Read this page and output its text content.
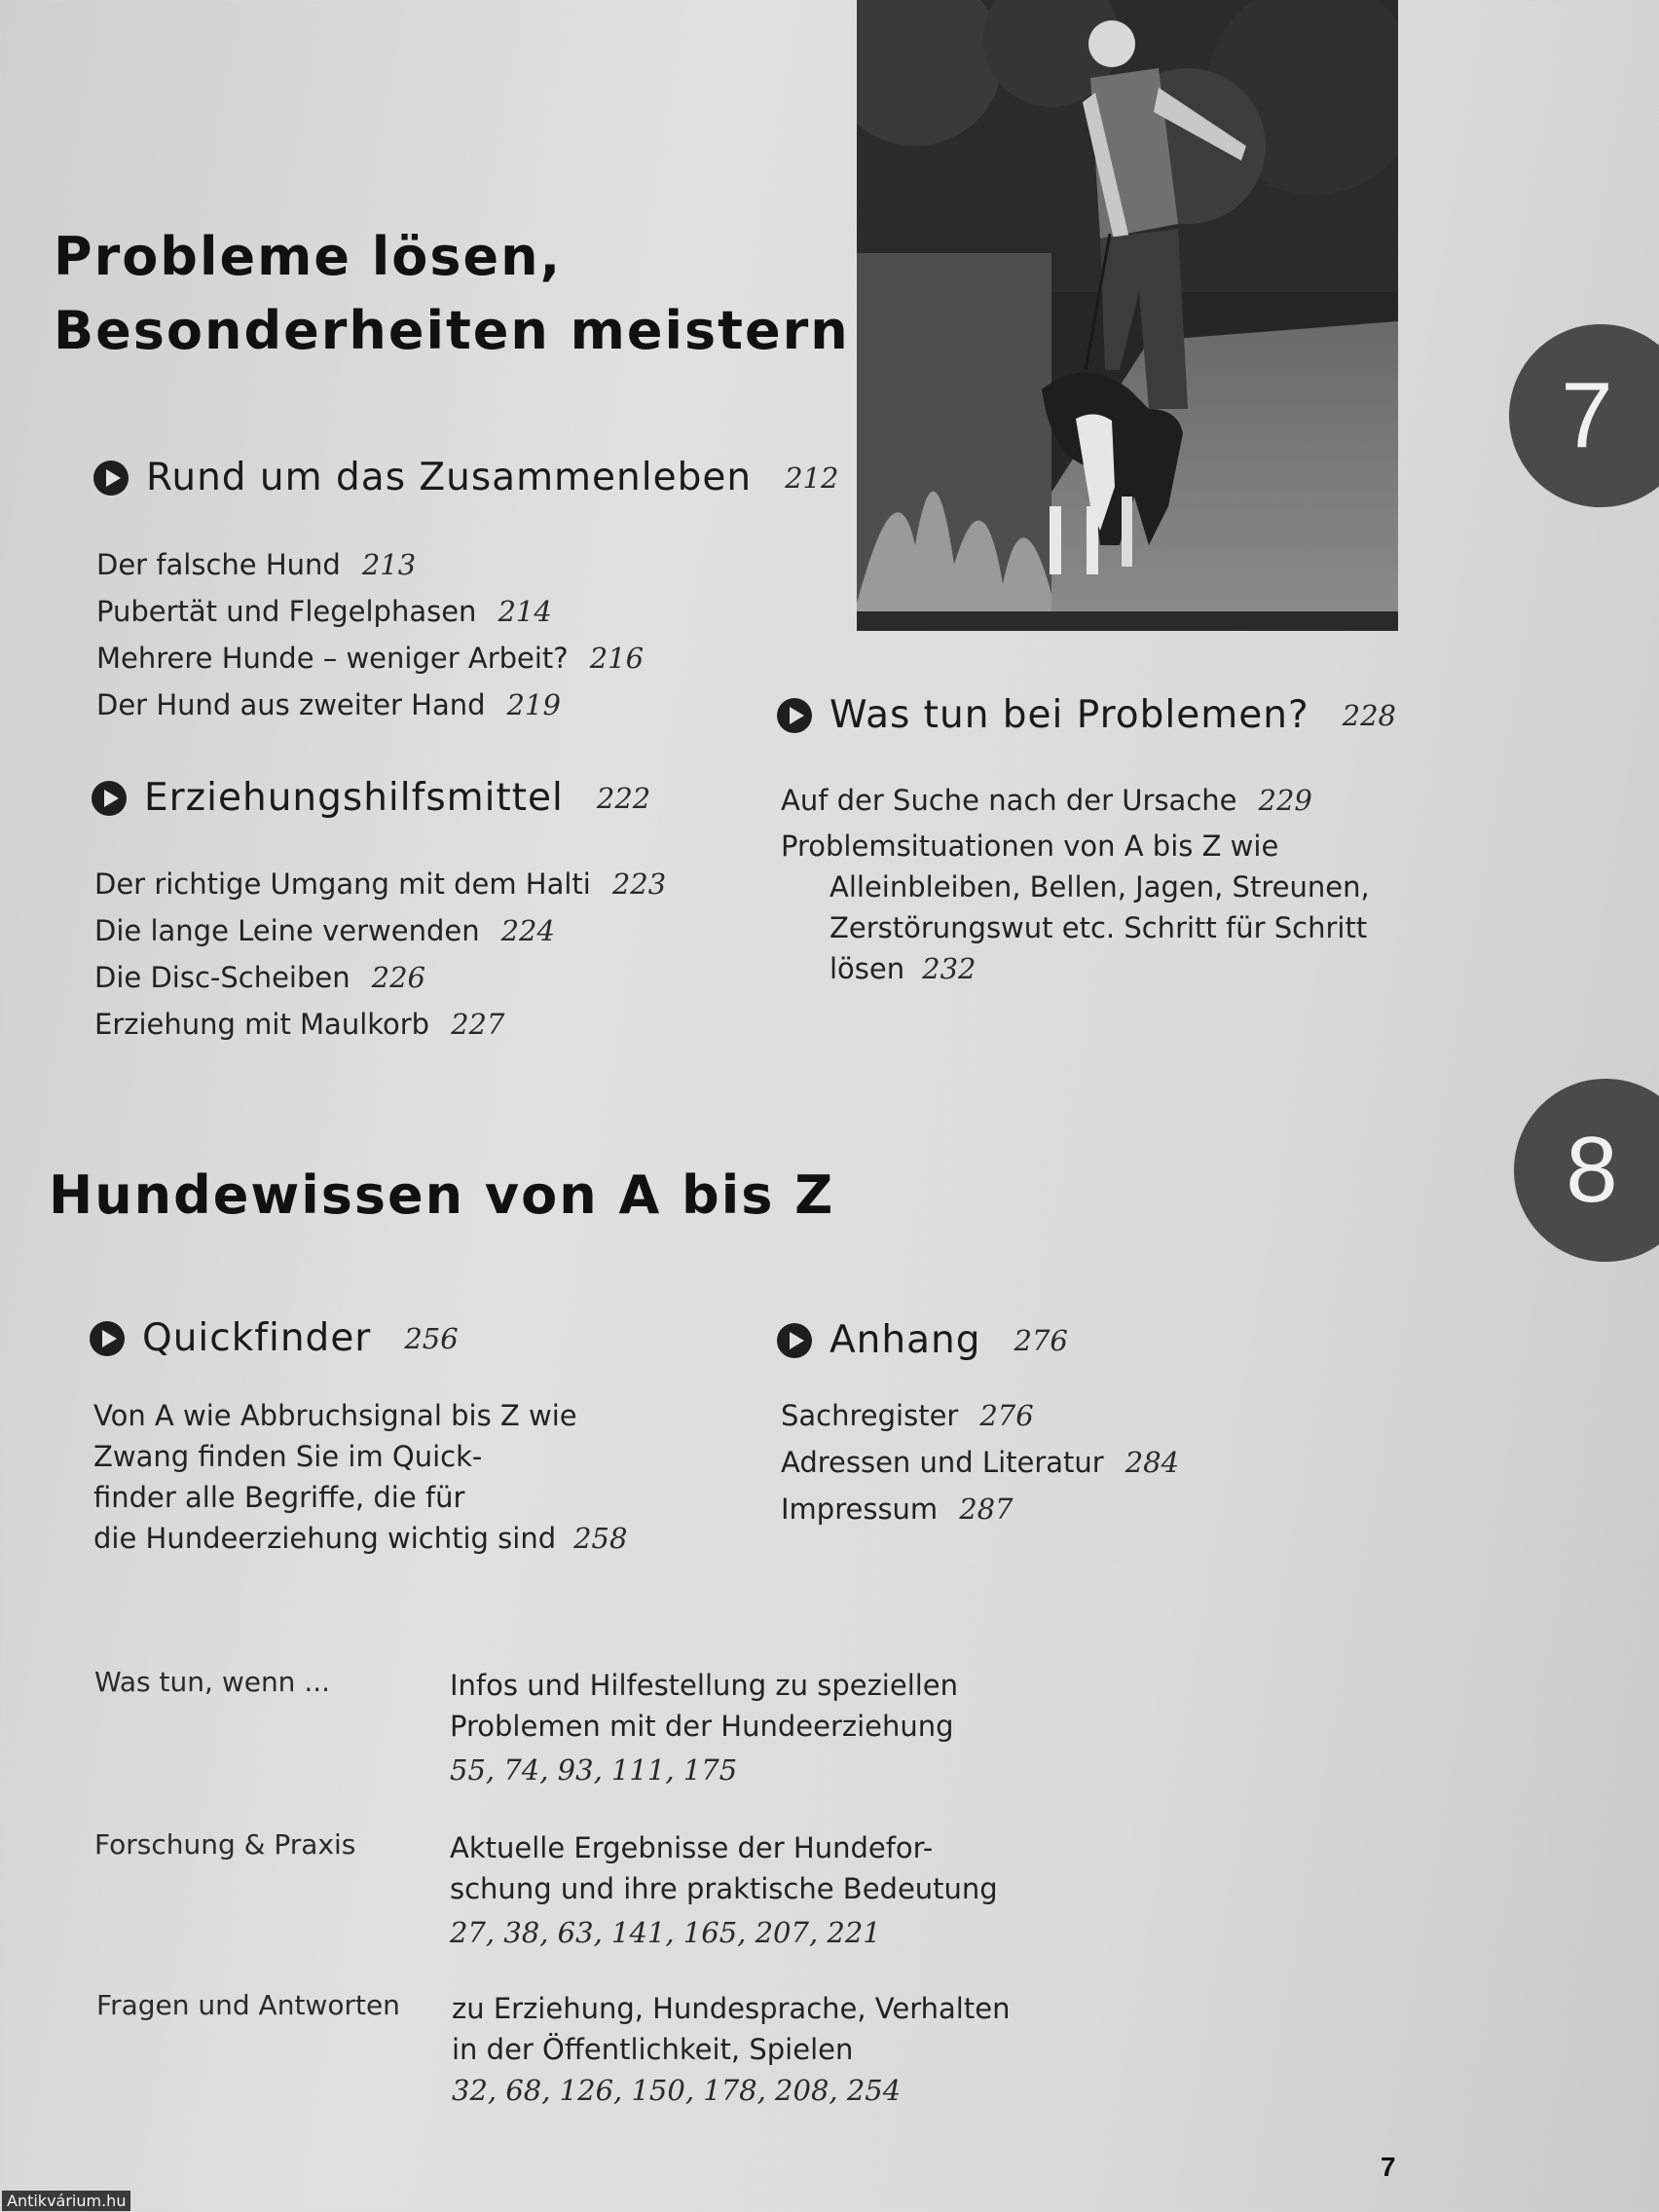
7
8
Probleme lösen,
Besonderheiten meistern
Rund um das Zusammenleben 212
Der falsche Hund 213
Pubertät und Flegelphasen 214
Mehrere Hunde – weniger Arbeit? 216
Der Hund aus zweiter Hand 219
Erziehungshilfsmittel 222
Der richtige Umgang mit dem Halti 223
Die lange Leine verwenden 224
Die Disc-Scheiben 226
Erziehung mit Maulkorb 227
Was tun bei Problemen? 228
Auf der Suche nach der Ursache 229
Problemsituationen von A bis Z wie
Alleinbleiben, Bellen, Jagen, Streunen,
Zerstörungswut etc. Schritt für Schritt
lösen 232
Hundewissen von A bis Z
Quickfinder 256
Von A wie Abbruchsignal bis Z wie
Zwang finden Sie im Quick-
finder alle Begriffe, die für
die Hundeerziehung wichtig sind 258
Anhang 276
Sachregister 276
Adressen und Literatur 284
Impressum 287
Was tun, wenn ...	Infos und Hilfestellung zu speziellen
Problemen mit der Hundeerziehung
55, 74, 93, 111, 175
Forschung & Praxis	Aktuelle Ergebnisse der Hundefor-
schung und ihre praktische Bedeutung
27, 38, 63, 141, 165, 207, 221
Fragen und Antworten zu Erziehung, Hundesprache, Verhalten
in der Öffentlichkeit, Spielen
32, 68, 126, 150, 178, 208, 254
7
Antikvárium.hu
